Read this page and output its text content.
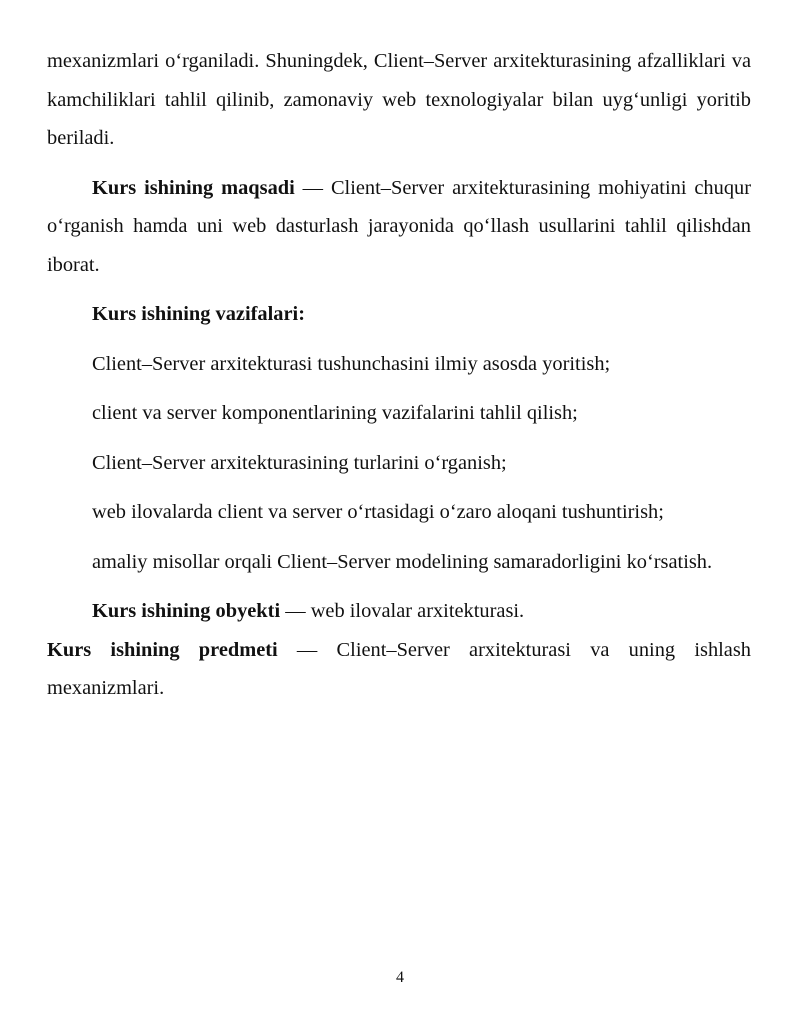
mexanizmlari o‘rganiladi. Shuningdek, Client–Server arxitekturasining afzalliklari va kamchiliklari tahlil qilinib, zamonaviy web texnologiyalar bilan uyg‘unligi yoritib beriladi.

Kurs ishining maqsadi — Client–Server arxitekturasining mohiyatini chuqur o‘rganish hamda uni web dasturlash jarayonida qo‘llash usullarini tahlil qilishdan iborat.

Kurs ishining vazifalari:

Client–Server arxitekturasi tushunchasini ilmiy asosda yoritish;

client va server komponentlarining vazifalarini tahlil qilish;

Client–Server arxitekturasining turlarini o‘rganish;

web ilovalarda client va server o‘rtasidagi o‘zaro aloqani tushuntirish;

amaliy misollar orqali Client–Server modelining samaradorligini ko‘rsatish.

Kurs ishining obyekti — web ilovalar arxitekturasi.

Kurs ishining predmeti — Client–Server arxitekturasi va uning ishlash mexanizmlari.

4
